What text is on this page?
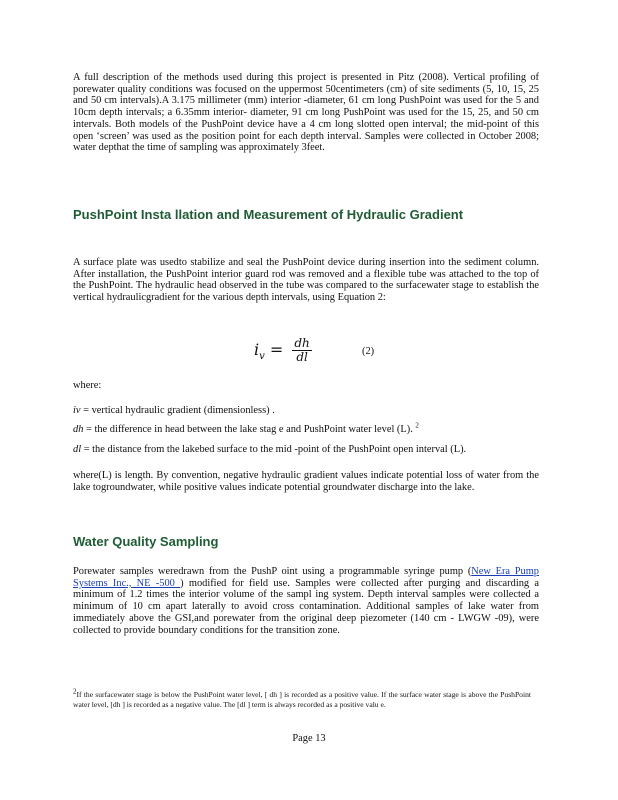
A full description of the methods used during this project is presented in Pitz (2008). Vertical profiling of porewater quality conditions was focused on the uppermost 50centimeters (cm) of site sediments (5, 10, 15, 25 and 50 cm intervals).A 3.175 millimeter (mm) interior -diameter, 61 cm long PushPoint was used for the 5 and 10cm depth intervals; a 6.35mm interior- diameter, 91 cm long PushPoint was used for the 15, 25, and 50 cm intervals. Both models of the PushPoint device have a 4 cm long slotted open interval; the mid-point of this open ‘screen’ was used as the position point for each depth interval. Samples were collected in October 2008; water depthat the time of sampling was approximately 3feet.

PushPoint Insta llation and Measurement of Hydraulic Gradient

A surface plate was usedto stabilize and seal the PushPoint device during insertion into the sediment column. After installation, the PushPoint interior guard rod was removed and a flexible tube was attached to the top of the PushPoint. The hydraulic head observed in the tube was compared to the surfacewater stage to establish the vertical hydraulicgradient for the various depth intervals, using Equation 2:

$i_v = \frac{dh}{dl}$	(2)
where:
iv = vertical hydraulic gradient (dimensionless) .
dh = the difference in head between the lake stag e and PushPoint water level (L). $^2$
dl = the distance from the lakebed surface to the mid -point of the PushPoint open interval (L).

where(L) is length. By convention, negative hydraulic gradient values indicate potential loss of water from the lake togroundwater, while positive values indicate potential groundwater discharge into the lake.

Water Quality Sampling

Porewater samples weredrawn from the PushP oint using a programmable syringe pump (New Era Pump Systems Inc., NE -500 ) modified for field use. Samples were collected after purging and discarding a minimum of 1.2 times the interior volume of the sampl ing system. Depth interval samples were collected a minimum of 10 cm apart laterally to avoid cross contamination. Additional samples of lake water from immediately above the GSI,and porewater from the original deep piezometer (140 cm - LWGW -09), were collected to provide boundary conditions for the transition zone.

$^2$If the surfacewater stage is below the PushPoint water level, [ dh ] is recorded as a positive value. If the surface water stage is above the PushPoint water level, [dh ] is recorded as a negative value. The [dl ] term is always recorded as a positive valu e.

Page 13
